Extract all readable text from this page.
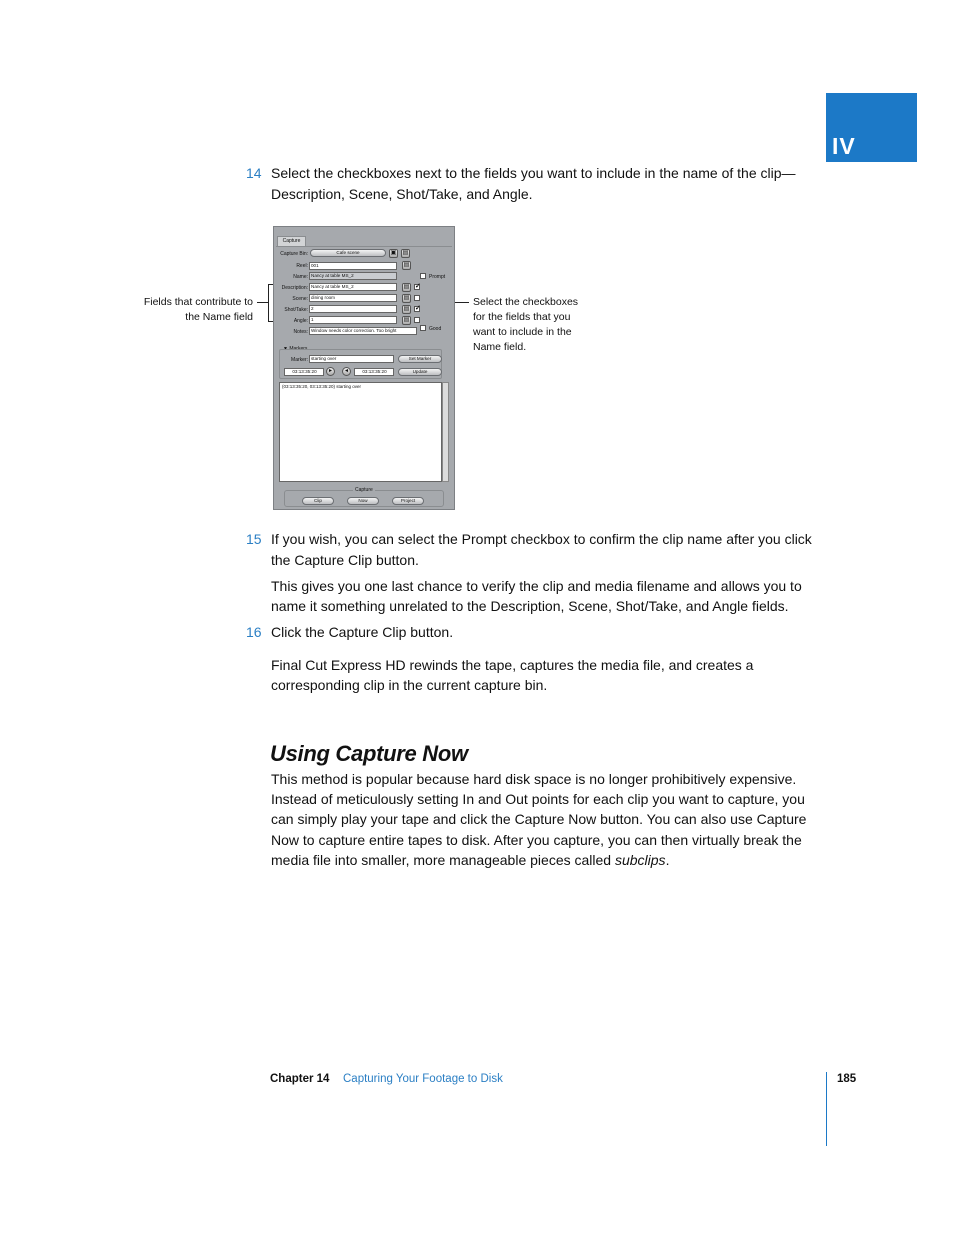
IV
14 Select the checkboxes next to the fields you want to include in the name of the clip—Description, Scene, Shot/Take, and Angle.
Fields that contribute to
the Name field
Select the checkboxes
for the fields that you
want to include in the
Name field.
Capture
Capture Bin:	Cafe scene	▣ ▤
Reel: 001	▤
Name: Nancy at table MS_2	Prompt
Description: Nancy at table MS_2	▤ ✓
Scene: dining room	▤
Shot/Take: 2	▤ ✓
Angle: 1	▤
Notes: Window needs color correction. Too bright	Good
▼ Markers
Marker: starting over	Set Marker
03:13:35:20	▸	◂	03:13:35:20	Update
(03:13:35:20, 03:13:35:20) starting over
Capture
Clip	Now	Project
15 If you wish, you can select the Prompt checkbox to confirm the clip name after you click the Capture Clip button.
This gives you one last chance to verify the clip and media filename and allows you to name it something unrelated to the Description, Scene, Shot/Take, and Angle fields.
16 Click the Capture Clip button.
Final Cut Express HD rewinds the tape, captures the media file, and creates a corresponding clip in the current capture bin.
Using Capture Now
This method is popular because hard disk space is no longer prohibitively expensive. Instead of meticulously setting In and Out points for each clip you want to capture, you can simply play your tape and click the Capture Now button. You can also use Capture Now to capture entire tapes to disk. After you capture, you can then virtually break the media file into smaller, more manageable pieces called subclips.
Chapter 14 Capturing Your Footage to Disk	185
